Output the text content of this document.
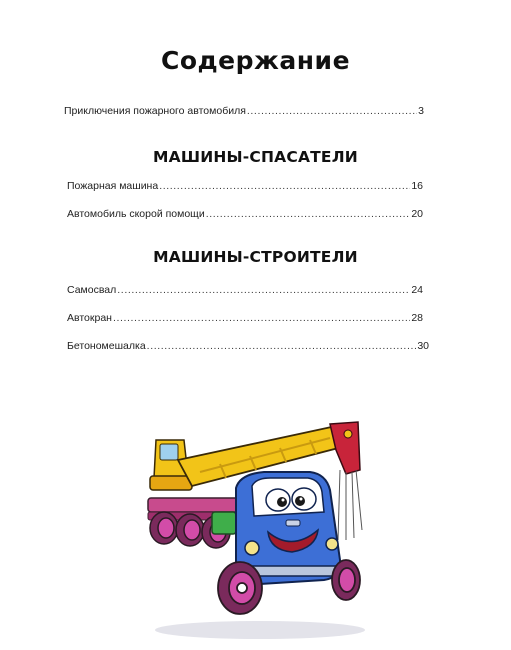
Содержание
Приключения пожарного автомобиля .....	3
МАШИНЫ-СПАСАТЕЛИ
Пожарная машина .....	16
Автомобиль скорой помощи .....	20
МАШИНЫ-СТРОИТЕЛИ
Самосвал .....	24
Автокран .....	28
Бетономешалка .....	30
